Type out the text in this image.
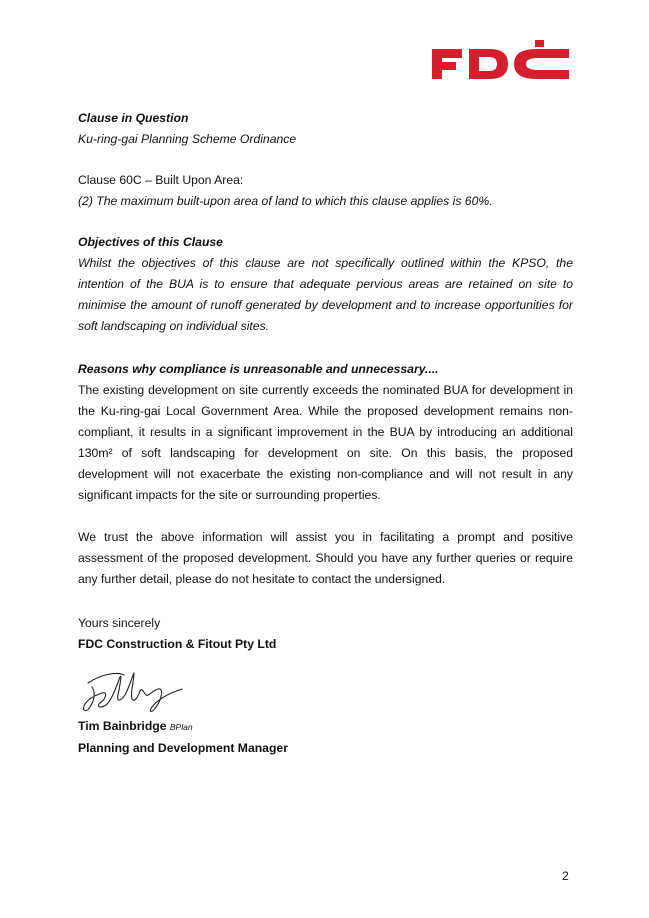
Clause in Question

Ku-ring-gai Planning Scheme Ordinance

Clause 60C – Built Upon Area:

(2) The maximum built-upon area of land to which this clause applies is 60%.

Objectives of this Clause

Whilst the objectives of this clause are not specifically outlined within the KPSO, the intention of the BUA is to ensure that adequate pervious areas are retained on site to minimise the amount of runoff generated by development and to increase opportunities for soft landscaping on individual sites.

Reasons why compliance is unreasonable and unnecessary....

The existing development on site currently exceeds the nominated BUA for development in the Ku-ring-gai Local Government Area. While the proposed development remains non-compliant, it results in a significant improvement in the BUA by introducing an additional 130m² of soft landscaping for development on site. On this basis, the proposed development will not exacerbate the existing non-compliance and will not result in any significant impacts for the site or surrounding properties.

We trust the above information will assist you in facilitating a prompt and positive assessment of the proposed development. Should you have any further queries or require any further detail, please do not hesitate to contact the undersigned.

Yours sincerely

FDC Construction & Fitout Pty Ltd

Tim Bainbridge BPlan

Planning and Development Manager

2
